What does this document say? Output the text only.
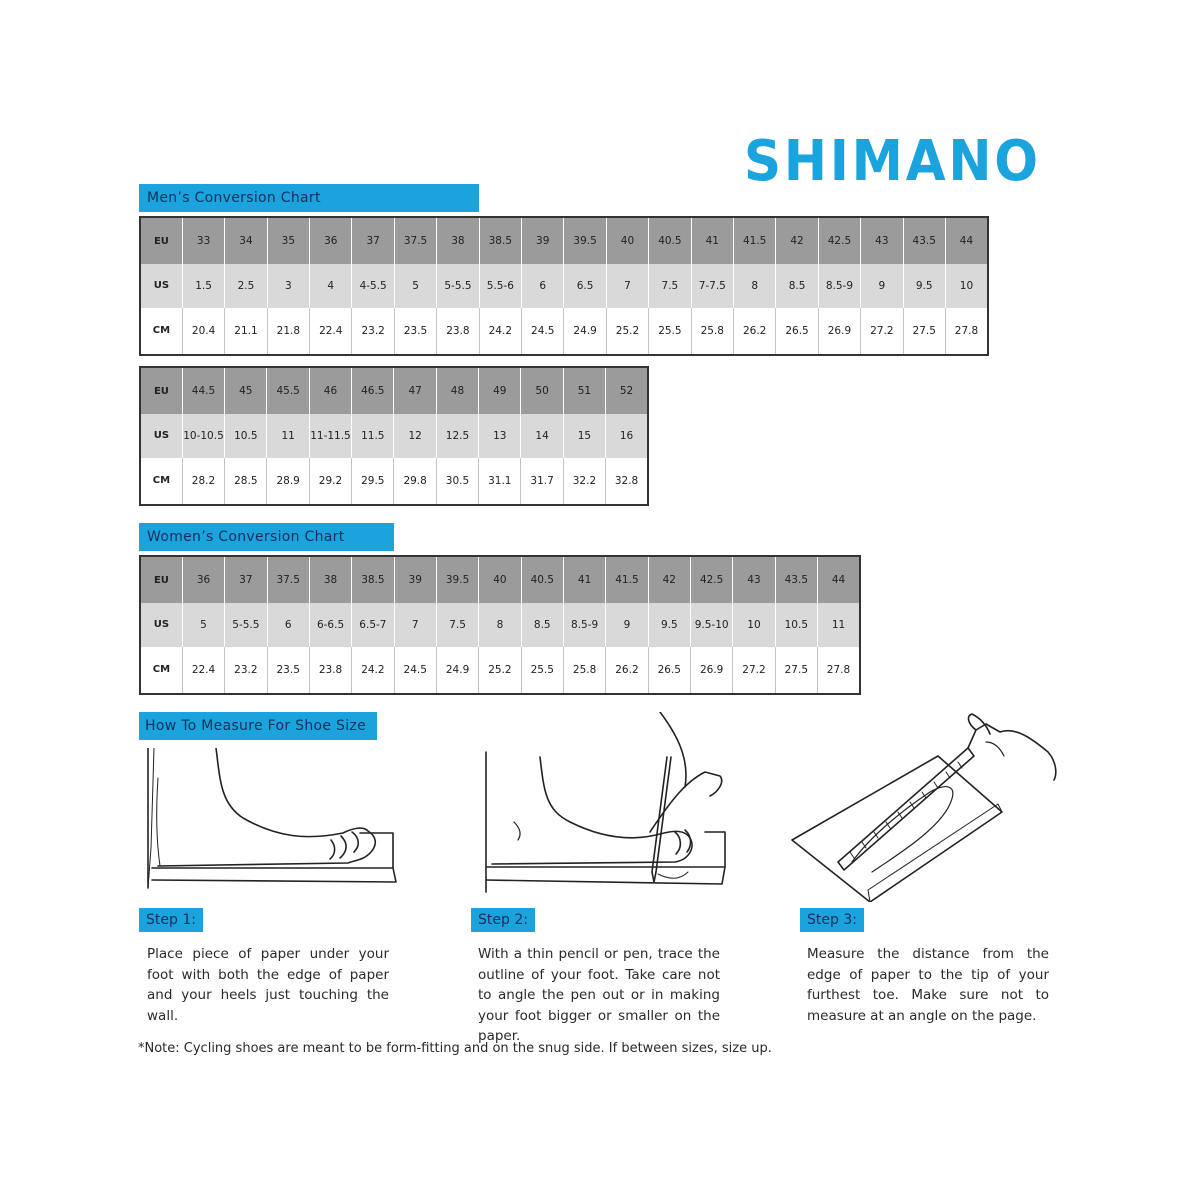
SHIMANO
Men’s Conversion Chart
EU	33	34	35	36	37	37.5	38	38.5	39	39.5	40	40.5	41	41.5	42	42.5	43	43.5	44
US	1.5	2.5	3	4	4-5.5	5	5-5.5	5.5-6	6	6.5	7	7.5	7-7.5	8	8.5	8.5-9	9	9.5	10
CM	20.4	21.1	21.8	22.4	23.2	23.5	23.8	24.2	24.5	24.9	25.2	25.5	25.8	26.2	26.5	26.9	27.2	27.5	27.8
EU	44.5	45	45.5	46	46.5	47	48	49	50	51	52
US	10-10.5	10.5	11	11-11.5	11.5	12	12.5	13	14	15	16
CM	28.2	28.5	28.9	29.2	29.5	29.8	30.5	31.1	31.7	32.2	32.8
Women’s Conversion Chart
EU	36	37	37.5	38	38.5	39	39.5	40	40.5	41	41.5	42	42.5	43	43.5	44
US	5	5-5.5	6	6-6.5	6.5-7	7	7.5	8	8.5	8.5-9	9	9.5	9.5-10	10	10.5	11
CM	22.4	23.2	23.5	23.8	24.2	24.5	24.9	25.2	25.5	25.8	26.2	26.5	26.9	27.2	27.5	27.8
How To Measure For Shoe Size
Step 1:
Place piece of paper under your foot with both the edge of paper and your heels just touching the wall.
Step 2:
With a thin pencil or pen, trace the outline of your foot. Take care not to angle the pen out or in making your foot bigger or smaller on the paper.
Step 3:
Measure the distance from the edge of paper to the tip of your furthest toe. Make sure not to measure at an angle on the page.
*Note: Cycling shoes are meant to be form-fitting and on the snug side. If between sizes, size up.
